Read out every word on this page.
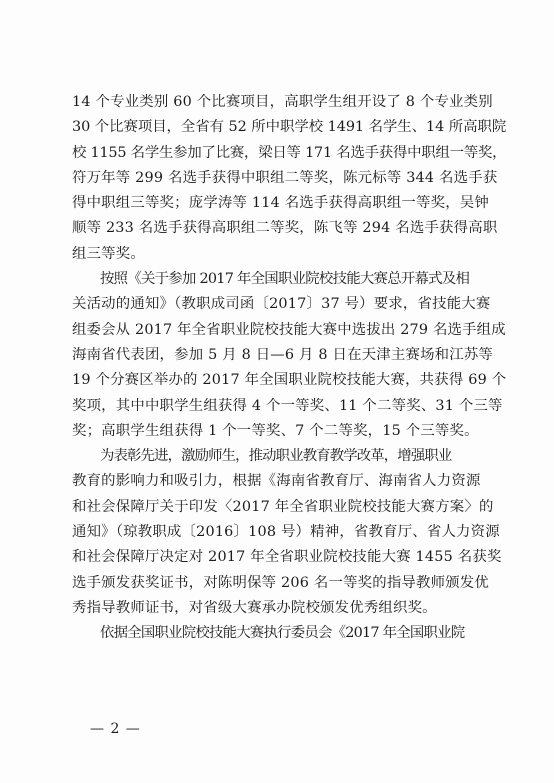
14 个专业类别 60 个比赛项目，高职学生组开设了 8 个专业类别
30 个比赛项目，全省有 52 所中职学校 1491 名学生、14 所高职院
校 1155 名学生参加了比赛，梁日等 171 名选手获得中职组一等奖，
符万年等 299 名选手获得中职组二等奖，陈元标等 344 名选手获
得中职组三等奖；庞学涛等 114 名选手获得高职组一等奖，吴钟
顺等 233 名选手获得高职组二等奖，陈飞等 294 名选手获得高职
组三等奖。
按照《关于参加 2017 年全国职业院校技能大赛总开幕式及相
关活动的通知》（教职成司函〔2017〕37 号）要求，省技能大赛
组委会从 2017 年全省职业院校技能大赛中选拔出 279 名选手组成
海南省代表团，参加 5 月 8 日—6 月 8 日在天津主赛场和江苏等
19 个分赛区举办的 2017 年全国职业院校技能大赛，共获得 69 个
奖项，其中中职学生组获得 4 个一等奖、11 个二等奖、31 个三等
奖；高职学生组获得 1 个一等奖、7 个二等奖，15 个三等奖。
为表彰先进，激励师生，推动职业教育教学改革，增强职业
教育的影响力和吸引力，根据《海南省教育厅、海南省人力资源
和社会保障厅关于印发〈2017 年全省职业院校技能大赛方案〉的
通知》（琼教职成〔2016〕108 号）精神，省教育厅、省人力资源
和社会保障厅决定对 2017 年全省职业院校技能大赛 1455 名获奖
选手颁发获奖证书，对陈明保等 206 名一等奖的指导教师颁发优
秀指导教师证书，对省级大赛承办院校颁发优秀组织奖。
依据全国职业院校技能大赛执行委员会《2017 年全国职业院
— 2 —
